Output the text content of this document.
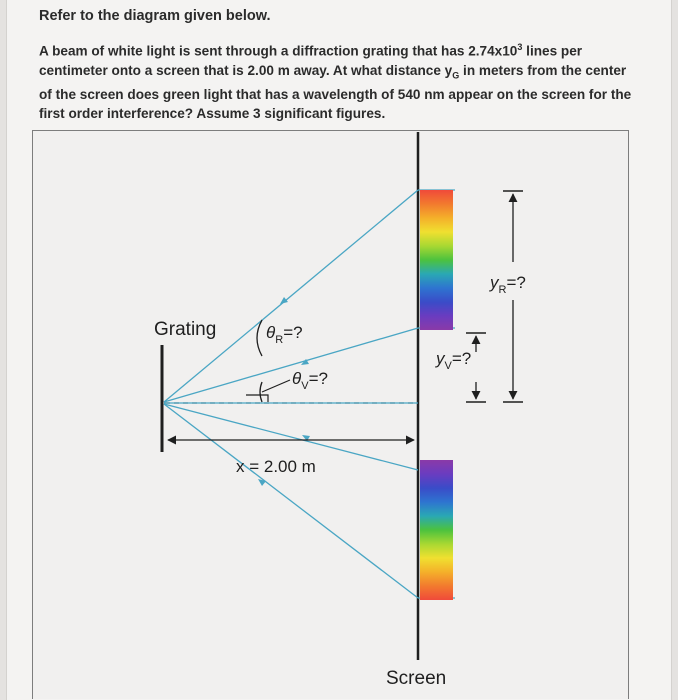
Refer to the diagram given below.
A beam of white light is sent through a diffraction grating that has $2.74x10^3$ lines per centimeter onto a screen that is 2.00 m away. At what distance $y_G$ in meters from the center of the screen does green light that has a wavelength of 540 nm appear on the screen for the first order interference? Assume 3 significant figures.
Grating	$\theta_R=$?
$\theta_V=$?
x = 2.00 m
$y_V=$?
$y_R=$?
Screen
